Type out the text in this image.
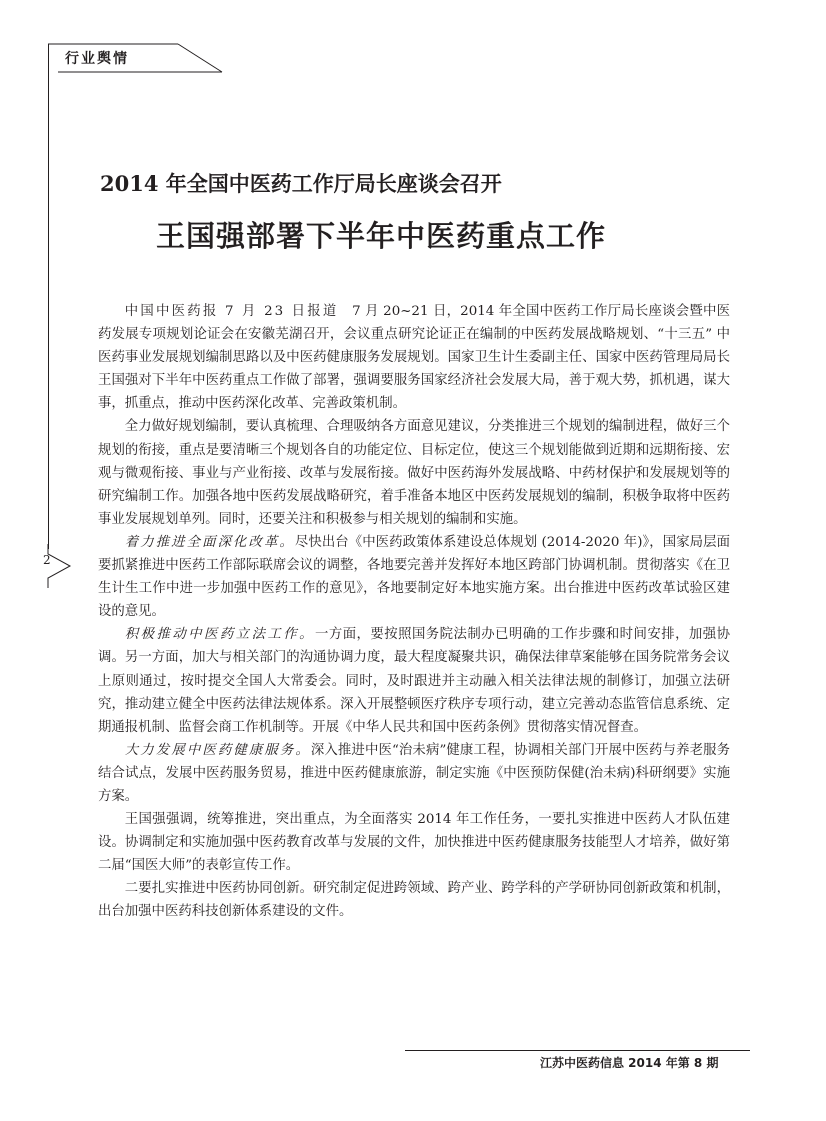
行业舆情
2
2014 年全国中医药工作厅局长座谈会召开
王国强部署下半年中医药重点工作

中国中医药报 7 月 23 日报道　7 月 20~21 日，2014 年全国中医药工作厅局长座谈会暨中医药发展专项规划论证会在安徽芜湖召开，会议重点研究论证正在编制的中医药发展战略规划、“十三五” 中医药事业发展规划编制思路以及中医药健康服务发展规划。国家卫生计生委副主任、国家中医药管理局局长王国强对下半年中医药重点工作做了部署，强调要服务国家经济社会发展大局，善于观大势，抓机遇，谋大事，抓重点，推动中医药深化改革、完善政策机制。

全力做好规划编制，要认真梳理、合理吸纳各方面意见建议，分类推进三个规划的编制进程，做好三个规划的衔接，重点是要清晰三个规划各自的功能定位、目标定位，使这三个规划能做到近期和远期衔接、宏观与微观衔接、事业与产业衔接、改革与发展衔接。做好中医药海外发展战略、中药材保护和发展规划等的研究编制工作。加强各地中医药发展战略研究，着手准备本地区中医药发展规划的编制，积极争取将中医药事业发展规划单列。同时，还要关注和积极参与相关规划的编制和实施。

着力推进全面深化改革。尽快出台《中医药政策体系建设总体规划 (2014-2020 年)》，国家局层面要抓紧推进中医药工作部际联席会议的调整，各地要完善并发挥好本地区跨部门协调机制。贯彻落实《在卫生计生工作中进一步加强中医药工作的意见》，各地要制定好本地实施方案。出台推进中医药改革试验区建设的意见。

积极推动中医药立法工作。一方面，要按照国务院法制办已明确的工作步骤和时间安排，加强协调。另一方面，加大与相关部门的沟通协调力度，最大程度凝聚共识，确保法律草案能够在国务院常务会议上原则通过，按时提交全国人大常委会。同时，及时跟进并主动融入相关法律法规的制修订，加强立法研究，推动建立健全中医药法律法规体系。深入开展整顿医疗秩序专项行动，建立完善动态监管信息系统、定期通报机制、监督会商工作机制等。开展《中华人民共和国中医药条例》贯彻落实情况督查。

大力发展中医药健康服务。深入推进中医“治未病”健康工程，协调相关部门开展中医药与养老服务结合试点，发展中医药服务贸易，推进中医药健康旅游，制定实施《中医预防保健(治未病)科研纲要》实施方案。

王国强强调，统筹推进，突出重点，为全面落实 2014 年工作任务，一要扎实推进中医药人才队伍建设。协调制定和实施加强中医药教育改革与发展的文件，加快推进中医药健康服务技能型人才培养，做好第二届“国医大师”的表彰宣传工作。

二要扎实推进中医药协同创新。研究制定促进跨领域、跨产业、跨学科的产学研协同创新政策和机制，出台加强中医药科技创新体系建设的文件。

江苏中医药信息 2014 年第 8 期
